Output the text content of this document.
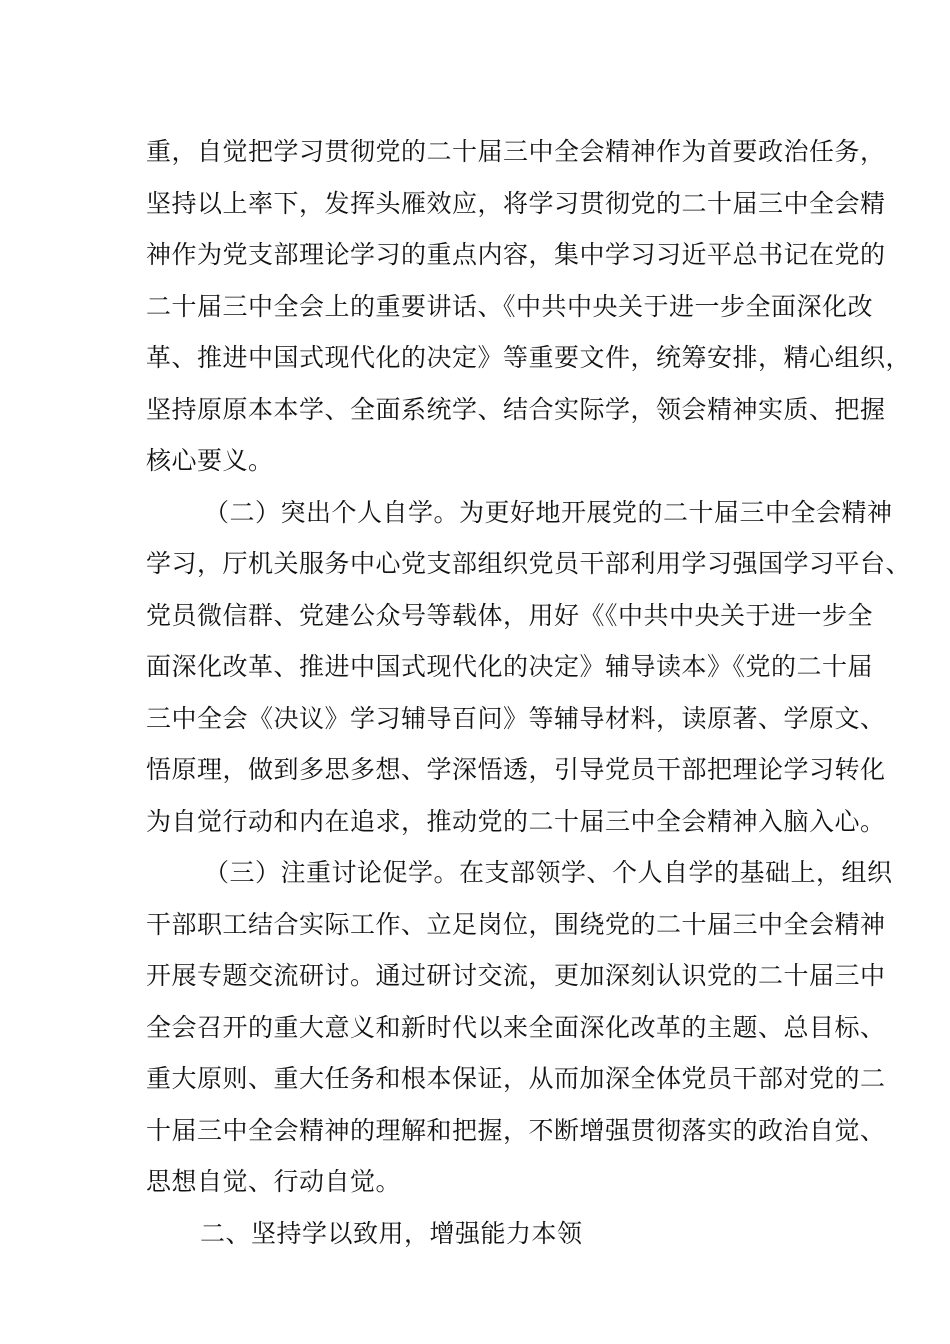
重，自觉把学习贯彻党的二十届三中全会精神作为首要政治任务，
坚持以上率下，发挥头雁效应，将学习贯彻党的二十届三中全会精
神作为党支部理论学习的重点内容，集中学习习近平总书记在党的
二十届三中全会上的重要讲话、《中共中央关于进一步全面深化改
革、推进中国式现代化的决定》等重要文件，统筹安排，精心组织，
坚持原原本本学、全面系统学、结合实际学，领会精神实质、把握
核心要义。
（二）突出个人自学。为更好地开展党的二十届三中全会精神
学习，厅机关服务中心党支部组织党员干部利用学习强国学习平台、
党员微信群、党建公众号等载体，用好《《中共中央关于进一步全
面深化改革、推进中国式现代化的决定》辅导读本》《党的二十届
三中全会《决议》学习辅导百问》等辅导材料，读原著、学原文、
悟原理，做到多思多想、学深悟透，引导党员干部把理论学习转化
为自觉行动和内在追求，推动党的二十届三中全会精神入脑入心。
（三）注重讨论促学。在支部领学、个人自学的基础上，组织
干部职工结合实际工作、立足岗位，围绕党的二十届三中全会精神
开展专题交流研讨。通过研讨交流，更加深刻认识党的二十届三中
全会召开的重大意义和新时代以来全面深化改革的主题、总目标、
重大原则、重大任务和根本保证，从而加深全体党员干部对党的二
十届三中全会精神的理解和把握，不断增强贯彻落实的政治自觉、
思想自觉、行动自觉。
二、坚持学以致用，增强能力本领
